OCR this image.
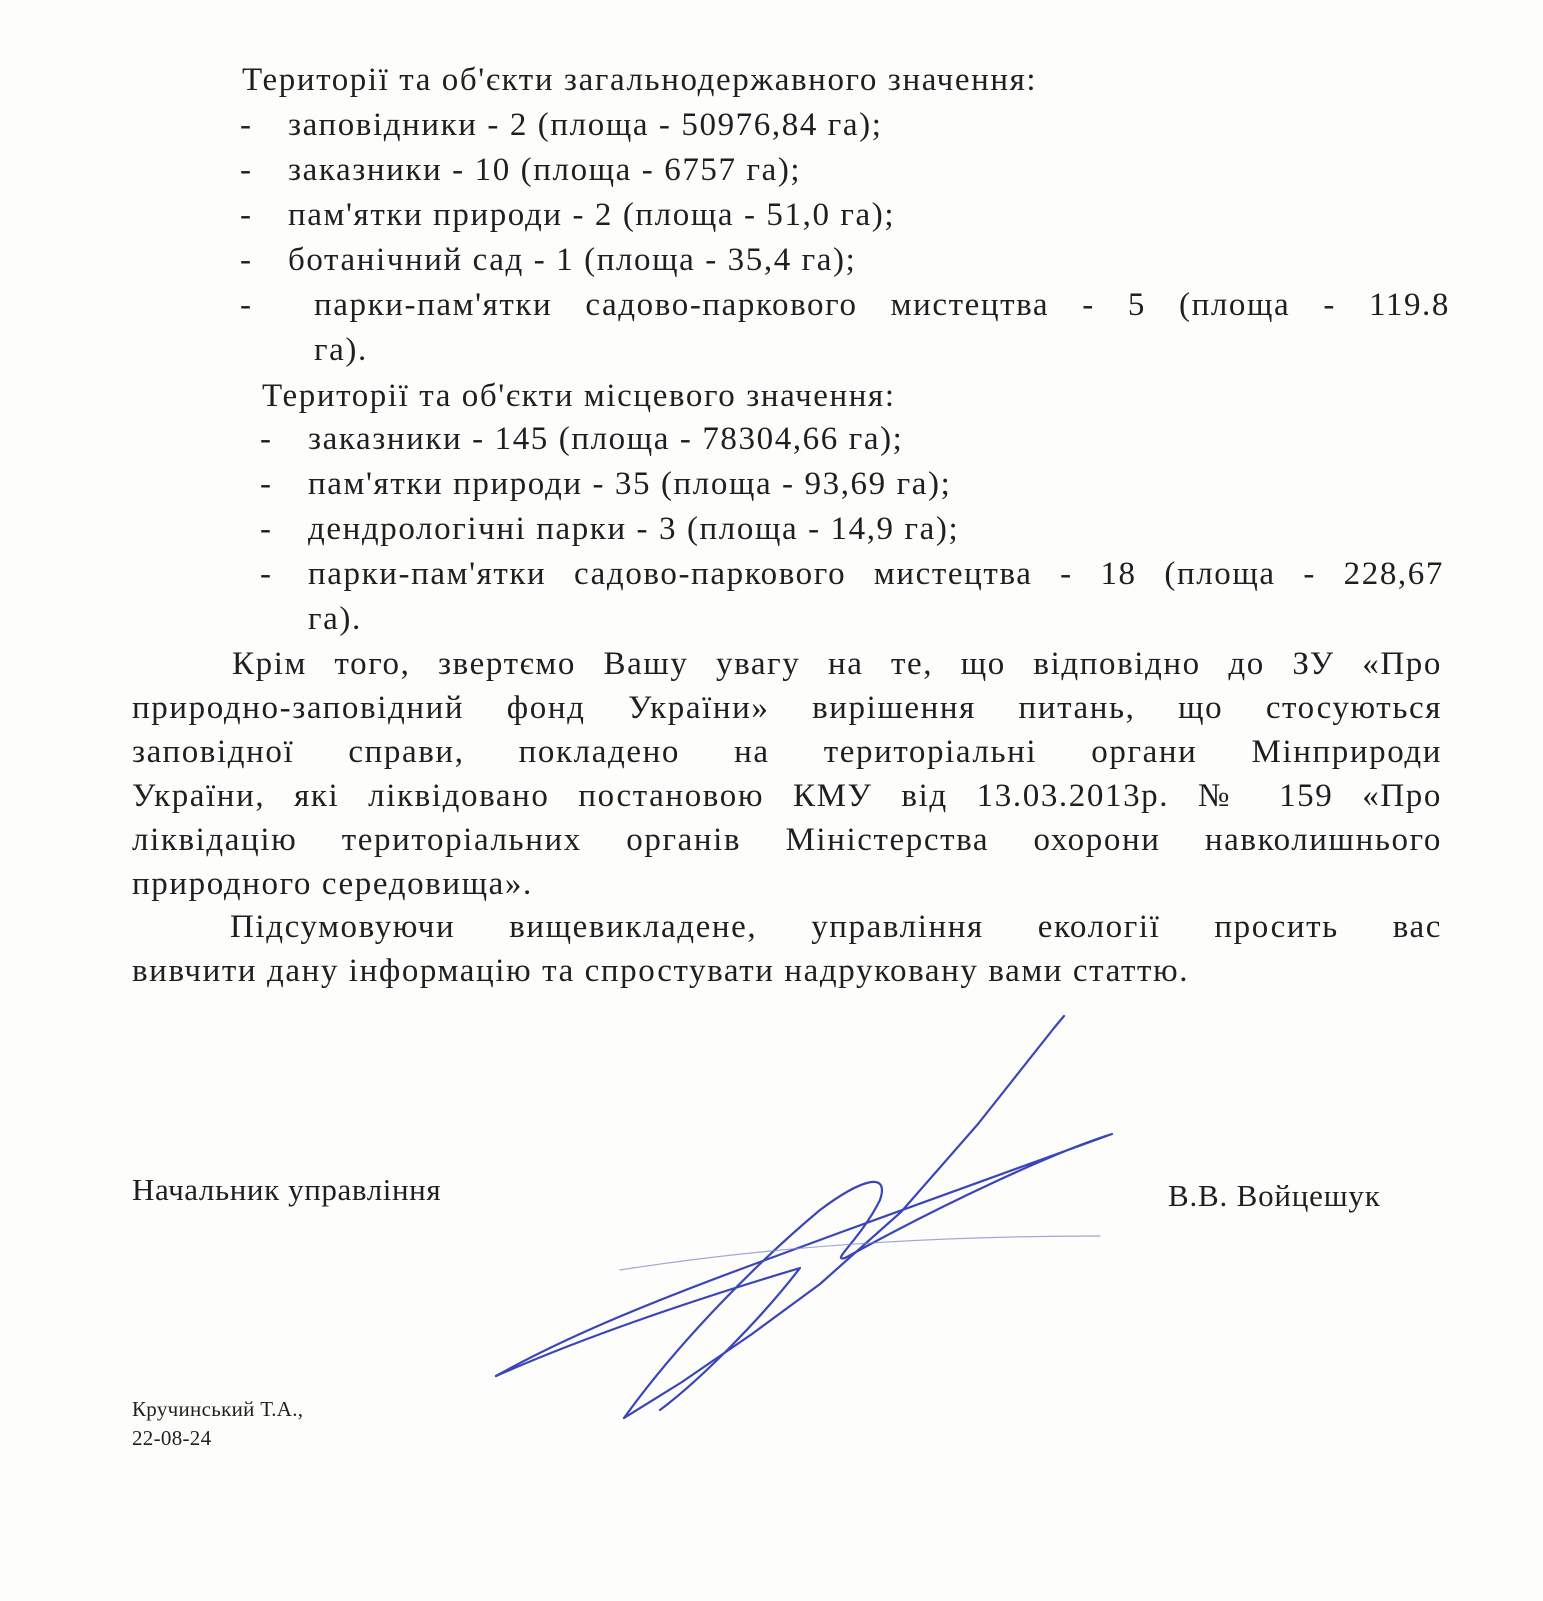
Території та об'єкти загальнодержавного значення:
- заповідники - 2 (площа - 50976,84 га);
- заказники - 10 (площа - 6757 га);
- пам'ятки природи - 2 (площа - 51,0 га);
- ботанічний сад - 1 (площа - 35,4 га);
- парки-пам'ятки садово-паркового мистецтва - 5 (площа - 119.8
га).
Території та об'єкти місцевого значення:
- заказники - 145 (площа - 78304,66 га);
- пам'ятки природи - 35 (площа - 93,69 га);
- дендрологічні парки - 3 (площа - 14,9 га);
- парки-пам'ятки садово-паркового мистецтва - 18 (площа - 228,67
га).
Крім того, звертємо Вашу увагу на те, що відповідно до ЗУ «Про
природно-заповідний фонд України» вирішення питань, що стосуються
заповідної справи, покладено на територіальні органи Мінприроди
України, які ліквідовано постановою КМУ від 13.03.2013р. № 159 «Про
ліквідацію територіальних органів Міністерства охорони навколишнього
природного середовища».
Підсумовуючи вищевикладене, управління екології просить вас
вивчити дану інформацію та спростувати надруковану вами статтю.
Начальник управління	В.В. Войцешук
Кручинський Т.А.,
22-08-24
